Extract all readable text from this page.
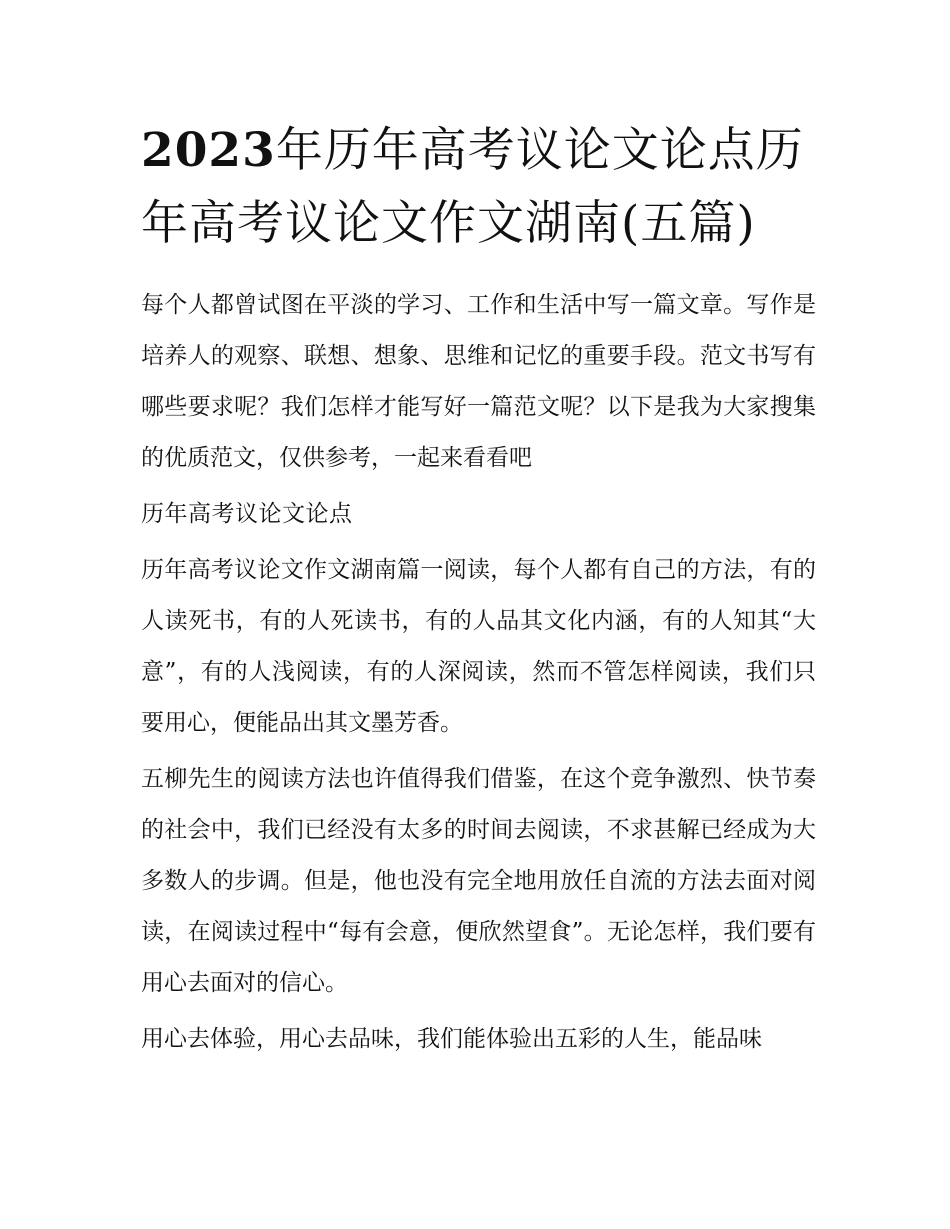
2023年历年高考议论文论点历年高考议论文作文湖南(五篇)

每个人都曾试图在平淡的学习、工作和生活中写一篇文章。写作是培养人的观察、联想、想象、思维和记忆的重要手段。范文书写有哪些要求呢？我们怎样才能写好一篇范文呢？以下是我为大家搜集的优质范文，仅供参考，一起来看看吧

历年高考议论文论点

历年高考议论文作文湖南篇一阅读，每个人都有自己的方法，有的人读死书，有的人死读书，有的人品其文化内涵，有的人知其“大意”，有的人浅阅读，有的人深阅读，然而不管怎样阅读，我们只要用心，便能品出其文墨芳香。

五柳先生的阅读方法也许值得我们借鉴，在这个竞争激烈、快节奏的社会中，我们已经没有太多的时间去阅读，不求甚解已经成为大多数人的步调。但是，他也没有完全地用放任自流的方法去面对阅读，在阅读过程中“每有会意，便欣然望食”。无论怎样，我们要有用心去面对的信心。

用心去体验，用心去品味，我们能体验出五彩的人生，能品味
